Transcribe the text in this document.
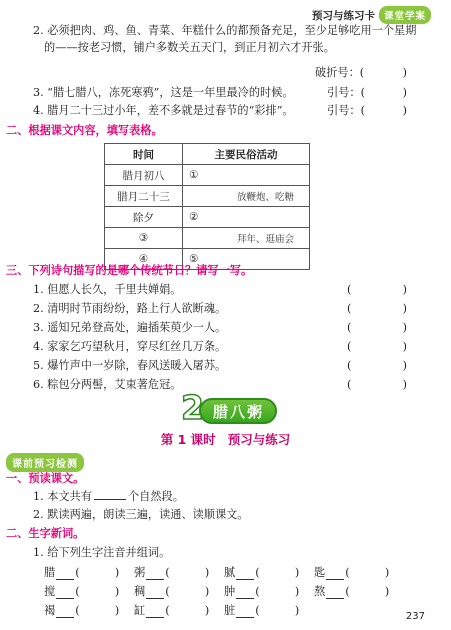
预习与练习卡 课堂学案
2. 必须把肉、鸡、鱼、青菜、年糕什么的都预备充足，至少足够吃用一个星期
的——按老习惯，铺户多数关五天门，到正月初六才开张。
破折号：(	)
3. “腊七腊八，冻死寒鸦”，这是一年里最冷的时候。	引号：(	)
4. 腊月二十三过小年，差不多就是过春节的“彩排”。	引号：(	)
二、根据课文内容，填写表格。
时间	主要民俗活动
腊月初八	①
腊月二十三	放鞭炮、吃糖
除夕	②
③	拜年、逛庙会
④	⑤
三、下列诗句描写的是哪个传统节日？请写一写。
1. 但愿人长久，千里共婵娟。	(	)
2. 清明时节雨纷纷，路上行人欲断魂。	(	)
3. 遥知兄弟登高处，遍插茱萸少一人。	(	)
4. 家家乞巧望秋月，穿尽红丝几万条。	(	)
5. 爆竹声中一岁除，春风送暖入屠苏。	(	)
6. 粽包分两髻，艾束著危冠。	(	)
2 腊八粥
第 1 课时 预习与练习
课前预习检测
一、预读课文。
1. 本文共有	个自然段。
2. 默读两遍，朗读三遍，读通、读顺课文。
二、生字新词。
1. 给下列生字注音并组词。
腊 (	) 粥 (	) 腻 (	) 匙 (	)
搅 (	) 稠 (	) 肿 (	) 熬 (	)
褐 (	) 缸 (	) 脏 (	)	237
